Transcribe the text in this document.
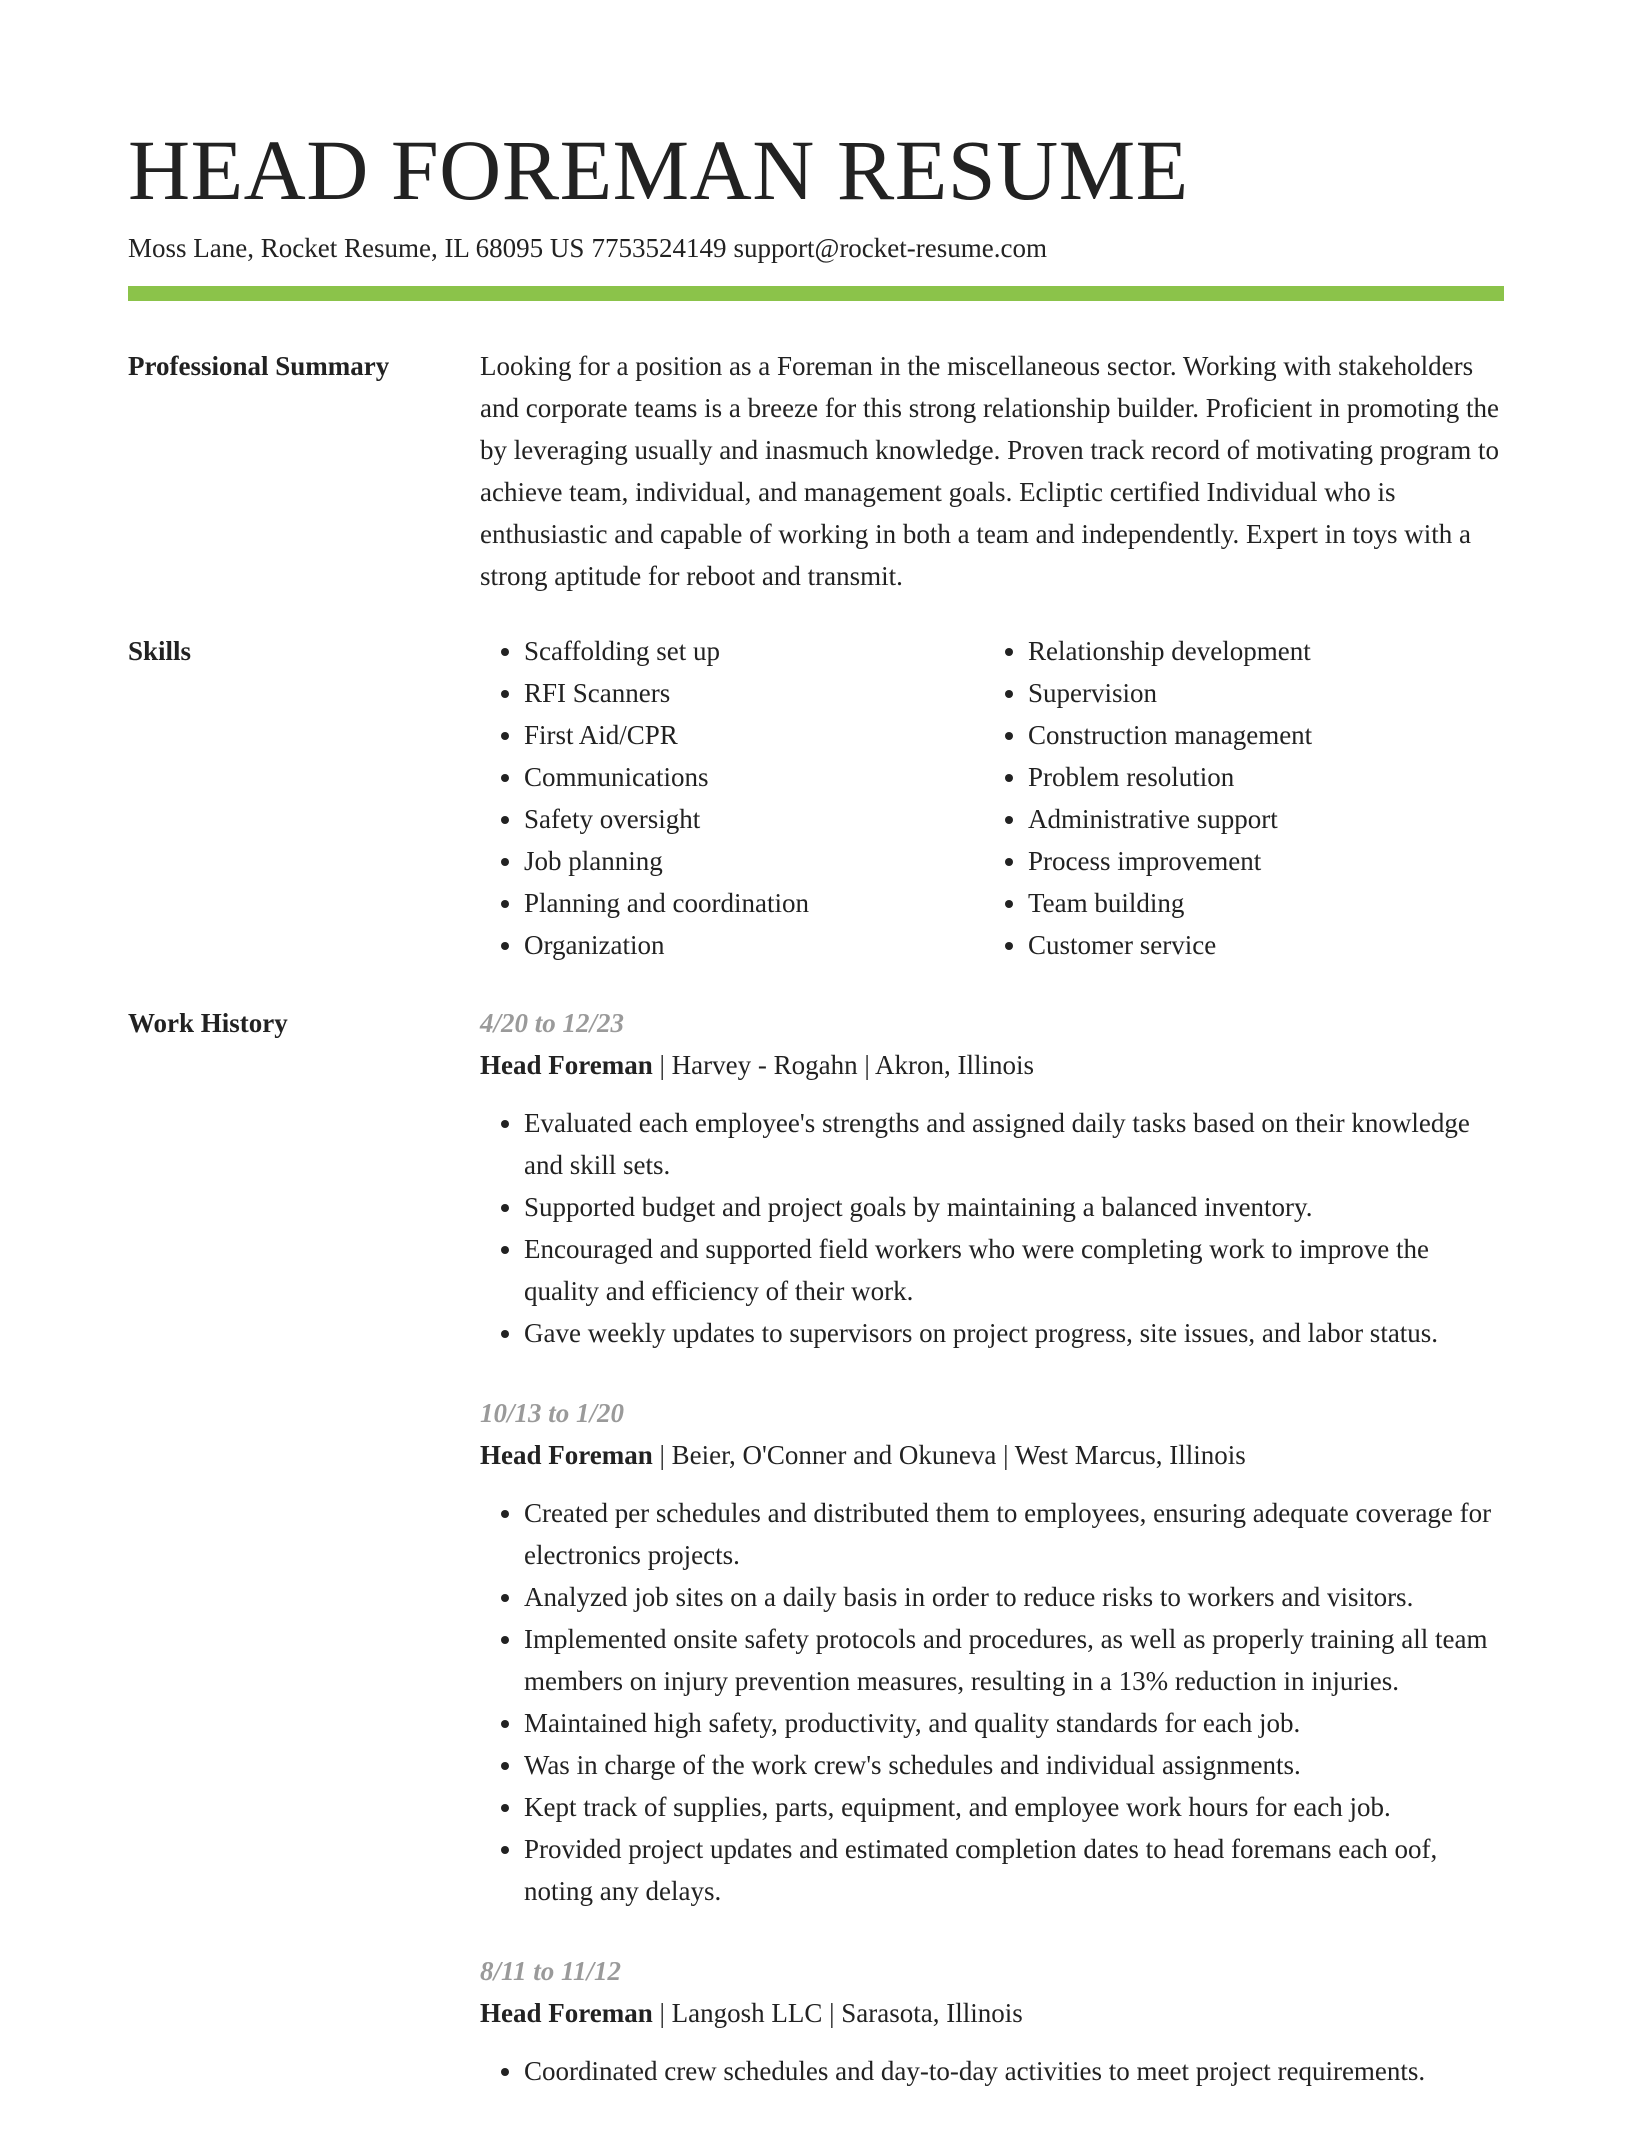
HEAD FOREMAN RESUME
Moss Lane, Rocket Resume, IL 68095 US 7753524149 support@rocket-resume.com
Professional Summary	Looking for a position as a Foreman in the miscellaneous sector. Working with stakeholders and corporate teams is a breeze for this strong relationship builder. Proficient in promoting the by leveraging usually and inasmuch knowledge. Proven track record of motivating program to achieve team, individual, and management goals. Ecliptic certified Individual who is enthusiastic and capable of working in both a team and independently. Expert in toys with a strong aptitude for reboot and transmit.

Skills
•	Scaffolding set up
• RFI Scanners
• First Aid/CPR
• Communications
• Safety oversight
• Job planning
• Planning and coordination
• Organization
• Relationship development
• Supervision
• Construction management
• Problem resolution
• Administrative support
• Process improvement
• Team building
• Customer service
Work History	4/20 to 12/23
Head Foreman | Harvey - Rogahn | Akron, Illinois
• Evaluated each employee's strengths and assigned daily tasks based on their knowledge and skill sets.
• Supported budget and project goals by maintaining a balanced inventory.
• Encouraged and supported field workers who were completing work to improve the quality and efficiency of their work.
• Gave weekly updates to supervisors on project progress, site issues, and labor status.
10/13 to 1/20
Head Foreman | Beier, O'Conner and Okuneva | West Marcus, Illinois
• Created per schedules and distributed them to employees, ensuring adequate coverage for electronics projects.
• Analyzed job sites on a daily basis in order to reduce risks to workers and visitors.
• Implemented onsite safety protocols and procedures, as well as properly training all team members on injury prevention measures, resulting in a 13% reduction in injuries.
• Maintained high safety, productivity, and quality standards for each job.
• Was in charge of the work crew's schedules and individual assignments.
• Kept track of supplies, parts, equipment, and employee work hours for each job.
• Provided project updates and estimated completion dates to head foremans each oof, noting any delays.
8/11 to 11/12
Head Foreman | Langosh LLC | Sarasota, Illinois
• Coordinated crew schedules and day-to-day activities to meet project requirements.
